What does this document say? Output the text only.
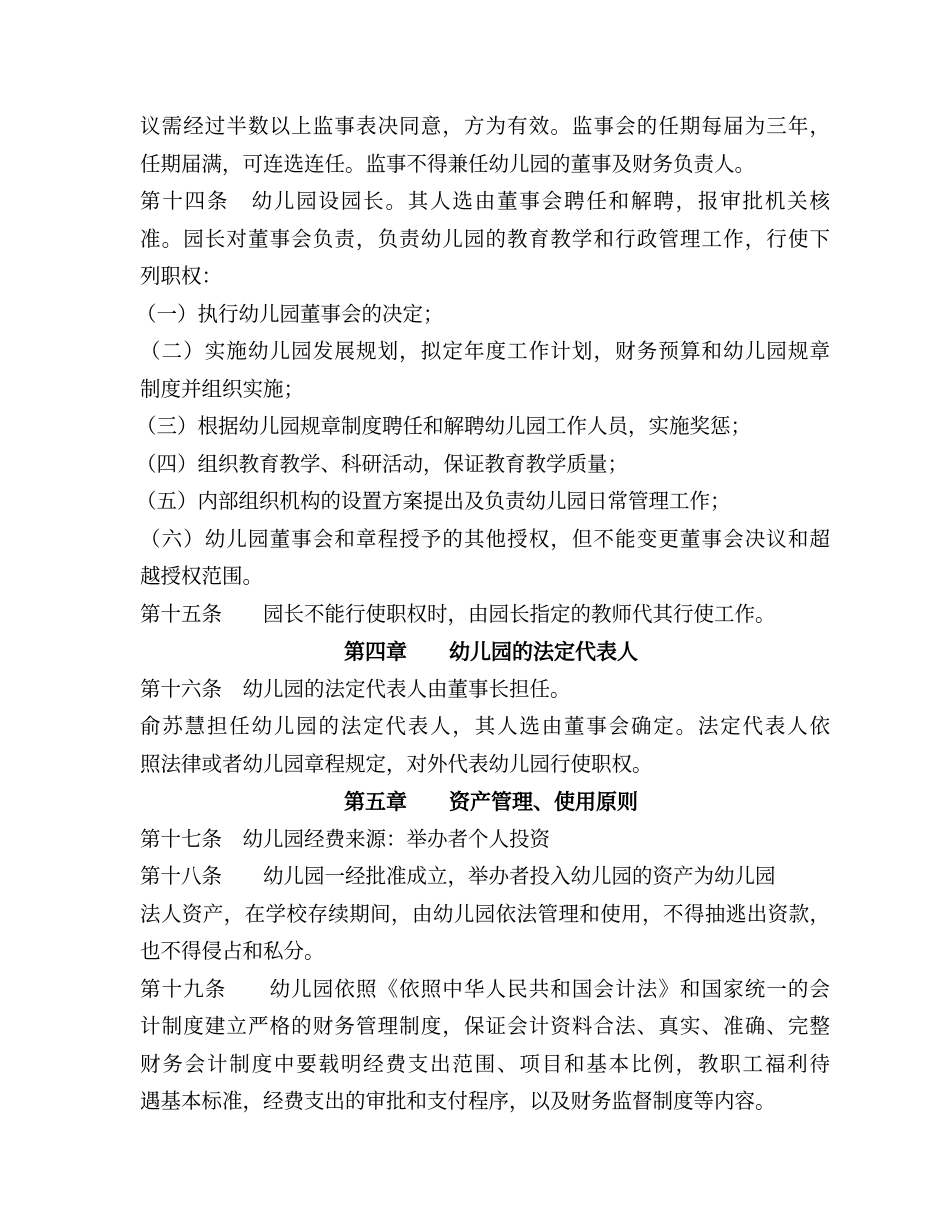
议需经过半数以上监事表决同意，方为有效。监事会的任期每届为三年，
任期届满，可连选连任。监事不得兼任幼儿园的董事及财务负责人。
第十四条　幼儿园设园长。其人选由董事会聘任和解聘，报审批机关核
准。园长对董事会负责，负责幼儿园的教育教学和行政管理工作，行使下
列职权：
（一）执行幼儿园董事会的决定；
（二）实施幼儿园发展规划，拟定年度工作计划，财务预算和幼儿园规章
制度并组织实施；
（三）根据幼儿园规章制度聘任和解聘幼儿园工作人员，实施奖惩；
（四）组织教育教学、科研活动，保证教育教学质量；
（五）内部组织机构的设置方案提出及负责幼儿园日常管理工作；
（六）幼儿园董事会和章程授予的其他授权，但不能变更董事会决议和超
越授权范围。
第十五条　　园长不能行使职权时，由园长指定的教师代其行使工作。
第四章　　幼儿园的法定代表人
第十六条　幼儿园的法定代表人由董事长担任。
俞苏慧担任幼儿园的法定代表人，其人选由董事会确定。法定代表人依
照法律或者幼儿园章程规定，对外代表幼儿园行使职权。
第五章　　资产管理、使用原则
第十七条　幼儿园经费来源：举办者个人投资
第十八条　　幼儿园一经批准成立，举办者投入幼儿园的资产为幼儿园
法人资产，在学校存续期间，由幼儿园依法管理和使用，不得抽逃出资款，
也不得侵占和私分。
第十九条　　幼儿园依照《依照中华人民共和国会计法》和国家统一的会
计制度建立严格的财务管理制度，保证会计资料合法、真实、准确、完整
财务会计制度中要载明经费支出范围、项目和基本比例，教职工福利待
遇基本标准，经费支出的审批和支付程序，以及财务监督制度等内容。
